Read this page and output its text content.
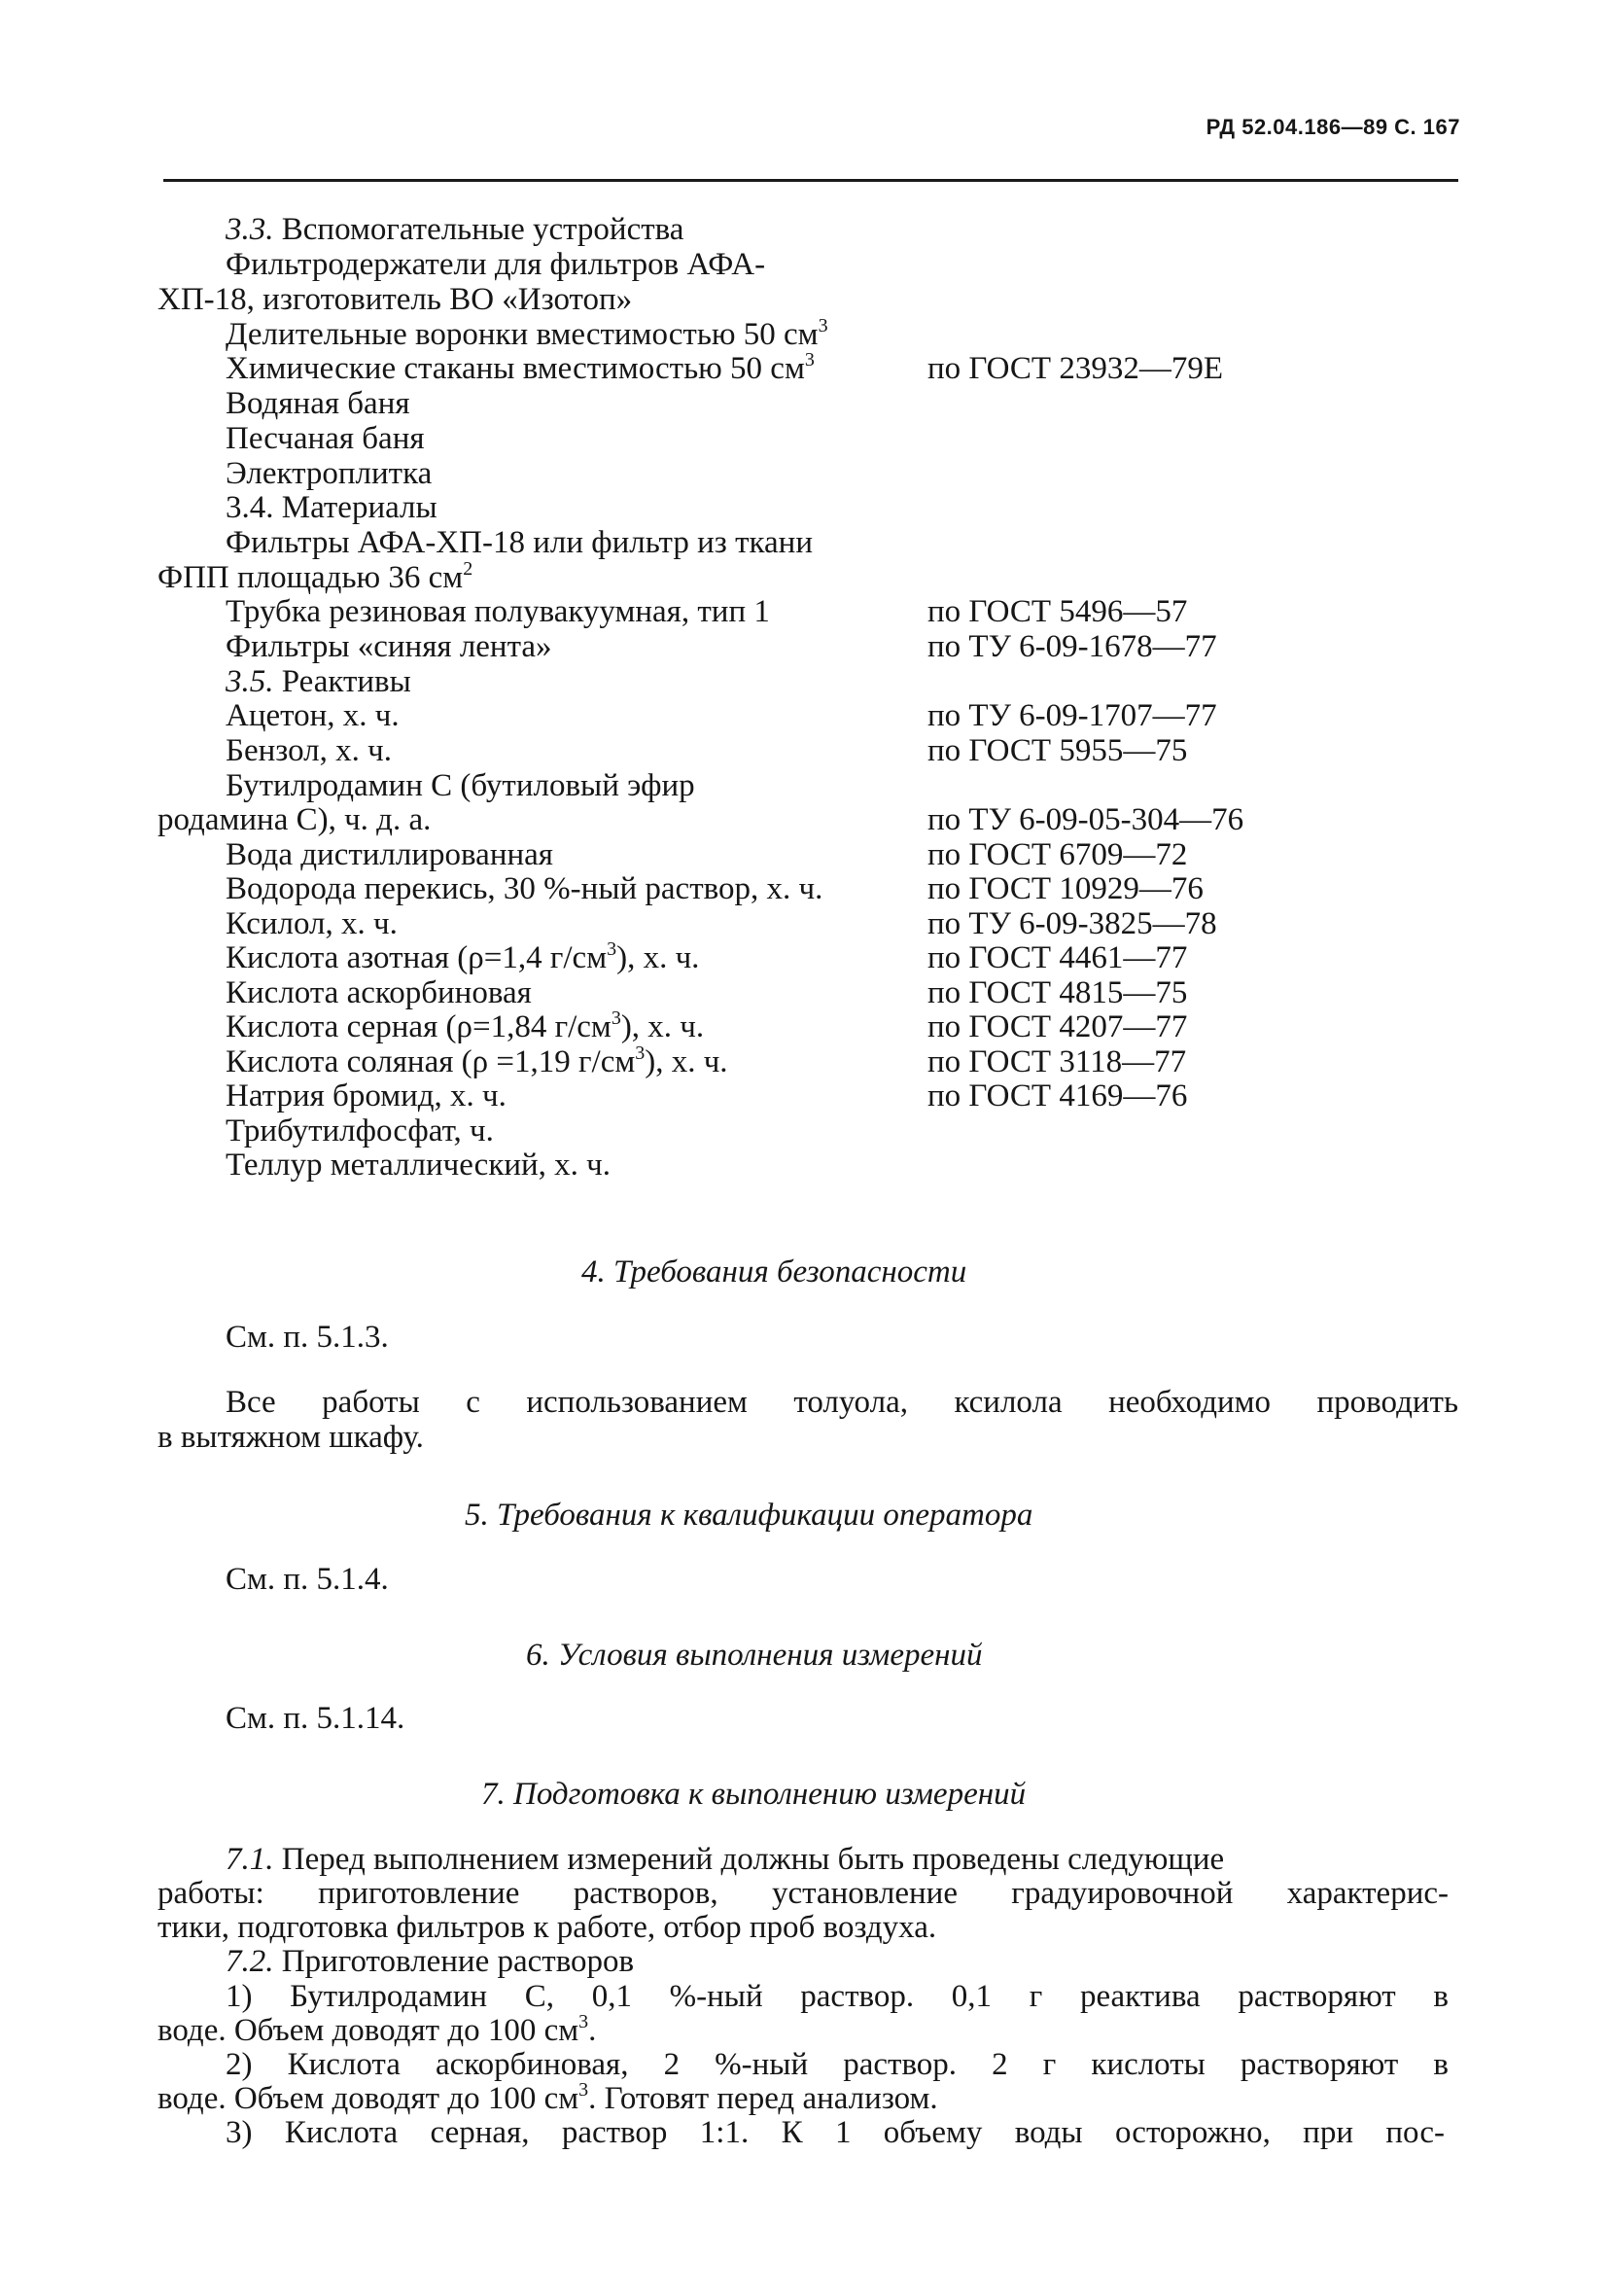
РД 52.04.186—89 С. 167
3.3. Вспомогательные устройства
Фильтродержатели для фильтров АФА-
ХП-18, изготовитель ВО «Изотоп»
Делительные воронки вместимостью 50 $см^3$
Химические стаканы вместимостью 50 $см^3$	по ГОСТ 23932—79Е
Водяная баня
Песчаная баня
Электроплитка
3.4. Материалы
Фильтры АФА-ХП-18 или фильтр из ткани
ФПП площадью 36 $см^2$
Трубка резиновая полувакуумная, тип 1	по ГОСТ 5496—57
Фильтры «синяя лента»	по ТУ 6-09-1678—77
3.5. Реактивы
Ацетон, х. ч.	по ТУ 6-09-1707—77
Бензол, х. ч.	по ГОСТ 5955—75
Бутилродамин С (бутиловый эфир
родамина С), ч. д. а.	по ТУ 6-09-05-304—76
Вода дистиллированная	по ГОСТ 6709—72
Водорода перекись, 30 %-ный раствор, х. ч.	по ГОСТ 10929—76
Ксилол, х. ч.	по ТУ 6-09-3825—78
Кислота азотная (ρ=1,4 $г/см^3$), х. ч.	по ГОСТ 4461—77
Кислота аскорбиновая	по ГОСТ 4815—75
Кислота серная (ρ=1,84 $г/см^3$), х. ч.	по ГОСТ 4207—77
Кислота соляная (ρ =1,19 $г/см^3$), х. ч.	по ГОСТ 3118—77
Натрия бромид, х. ч.	по ГОСТ 4169—76
Трибутилфосфат, ч.
Теллур металлический, х. ч.
4. Требования безопасности
См. п. 5.1.3.
Все работы с использованием толуола, ксилола необходимо проводить
в вытяжном шкафу.
5. Требования к квалификации оператора
См. п. 5.1.4.
6. Условия выполнения измерений
См. п. 5.1.14.
7. Подготовка к выполнению измерений
7.1. Перед выполнением измерений должны быть проведены следующие
работы: приготовление растворов, установление градуировочной характерис-
тики, подготовка фильтров к работе, отбор проб воздуха.
7.2. Приготовление растворов
1) Бутилродамин С, 0,1 %-ный раствор. 0,1 г реактива растворяют в
воде. Объем доводят до 100 $см^3$.
2) Кислота аскорбиновая, 2 %-ный раствор. 2 г кислоты растворяют в
воде. Объем доводят до 100 $см^3$. Готовят перед анализом.
3) Кислота серная, раствор 1:1. К 1 объему воды осторожно, при пос-
